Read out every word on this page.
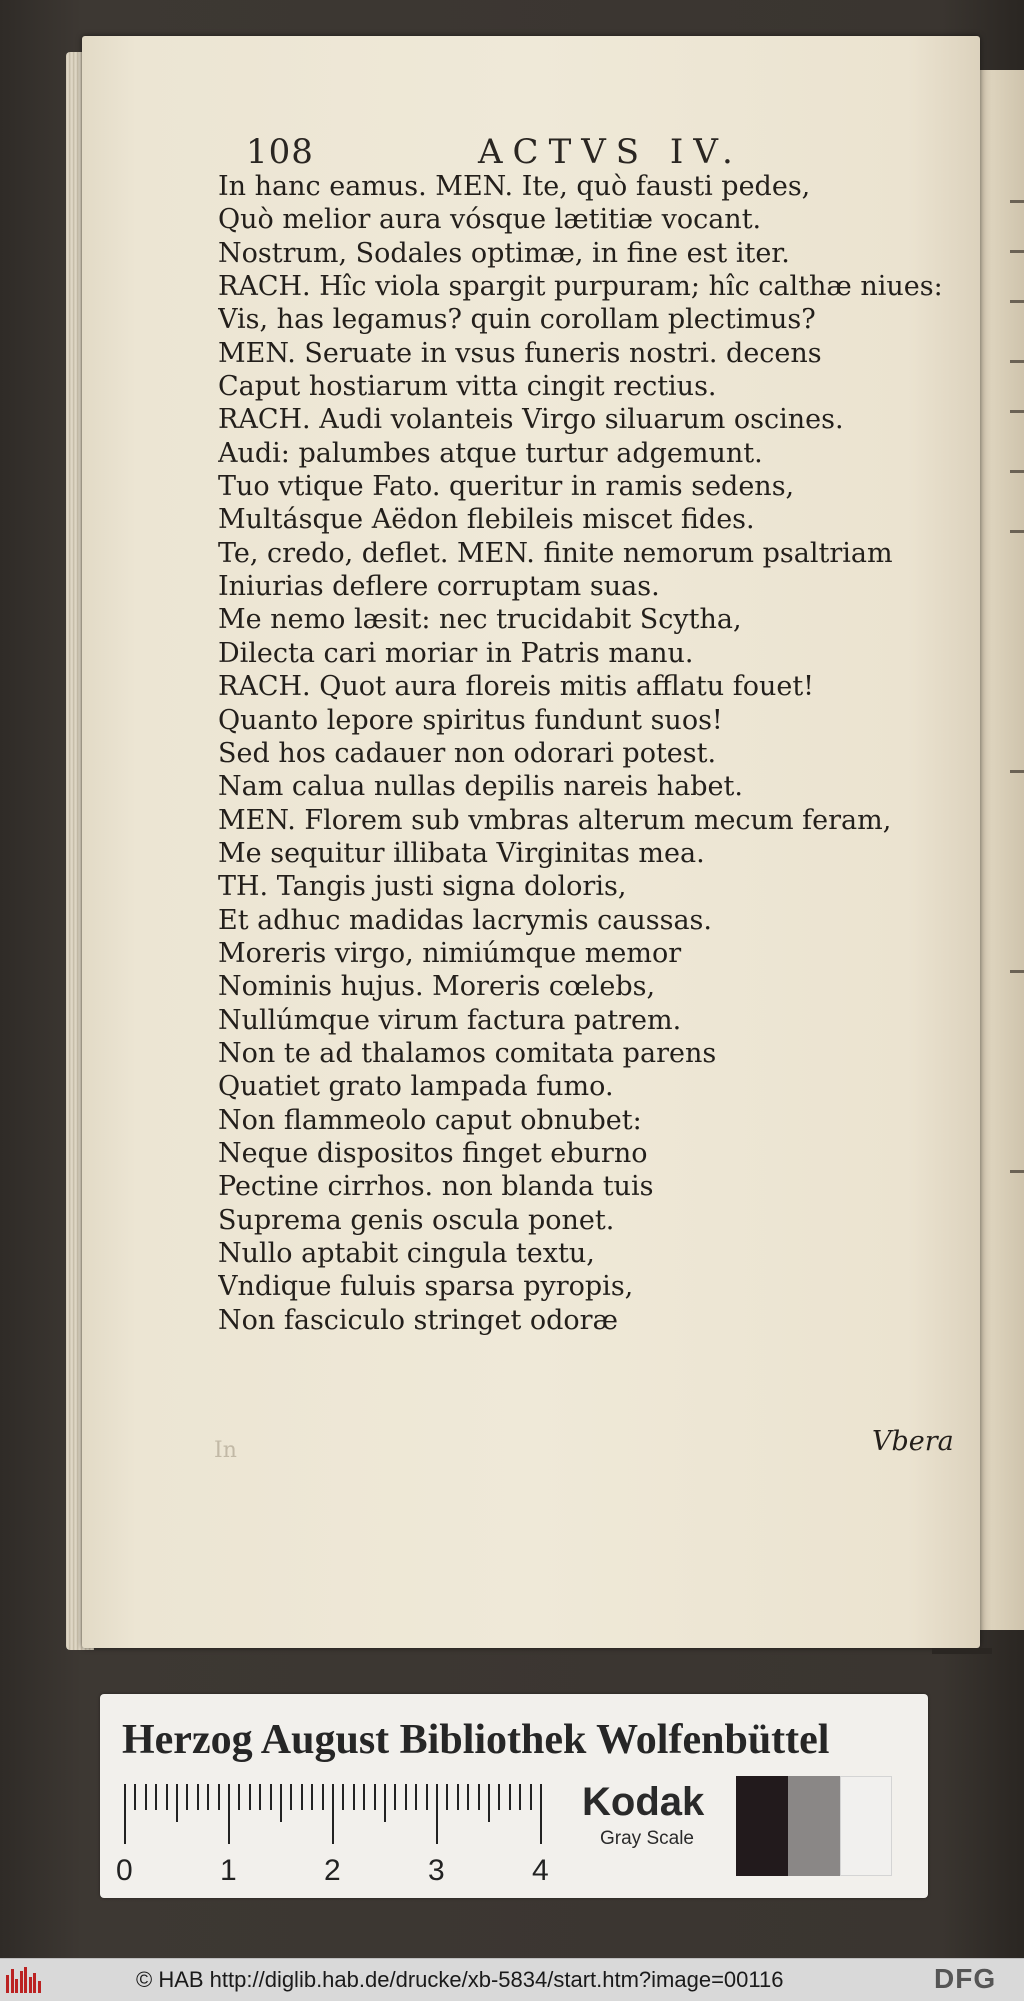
108	ACTVS IV.
In hanc eamus. MEN. Ite, quò fausti pedes,
Quò melior aura vósque lætitiæ vocant.
Nostrum, Sodales optimæ, in fine est iter.
RACH. Hîc viola spargit purpuram; hîc calthæ niues:
Vis, has legamus? quin corollam plectimus?
MEN. Seruate in vsus funeris nostri. decens
Caput hostiarum vitta cingit rectius.
RACH. Audi volanteis Virgo siluarum oscines.
Audi: palumbes atque turtur adgemunt.
Tuo vtique Fato. queritur in ramis sedens,
Multásque Aëdon flebileis miscet fides.
Te, credo, deflet. MEN. finite nemorum psaltriam
Iniurias deflere corruptam suas.
Me nemo læsit: nec trucidabit Scytha,
Dilecta cari moriar in Patris manu.
RACH. Quot aura floreis mitis afflatu fouet!
Quanto lepore spiritus fundunt suos!
Sed hos cadauer non odorari potest.
Nam calua nullas depilis nareis habet.
MEN. Florem sub vmbras alterum mecum feram,
Me sequitur illibata Virginitas mea.
TH. Tangis justi signa doloris,
Et adhuc madidas lacrymis caussas.
Moreris virgo, nimiúmque memor
Nominis hujus. Moreris cœlebs,
Nullúmque virum factura patrem.
Non te ad thalamos comitata parens
Quatiet grato lampada fumo.
Non flammeolo caput obnubet:
Neque dispositos finget eburno
Pectine cirrhos. non blanda tuis
Suprema genis oscula ponet.
Nullo aptabit cingula textu,
Vndique fuluis sparsa pyropis,
Non fasciculo stringet odoræ
In	Vbera
Herzog August Bibliothek Wolfenbüttel
0	1	2	3	4
Kodak
Gray Scale
© HAB http://diglib.hab.de/drucke/xb-5834/start.htm?image=00116	DFG
